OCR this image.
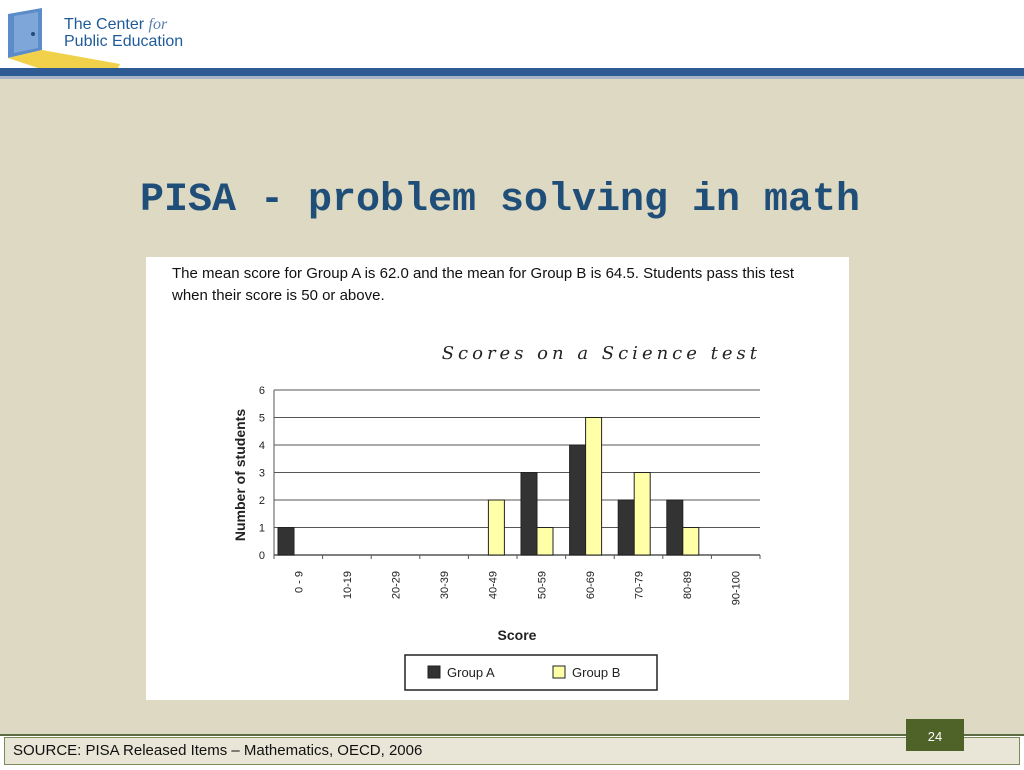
The Center for
Public Education
PISA - problem solving in math
The mean score for Group A is 62.0 and the mean for Group B is 64.5. Students pass this test when their score is 50 or above.
Scores on a Science test
0
1
2
3
4
5
6
0 - 9	10-19	20-29	30-39	40-49	50-59	60-69	70-79	80-89	90-100
Number of students
Score
Group A	Group B
SOURCE: PISA Released Items – Mathematics, OECD, 2006
24
